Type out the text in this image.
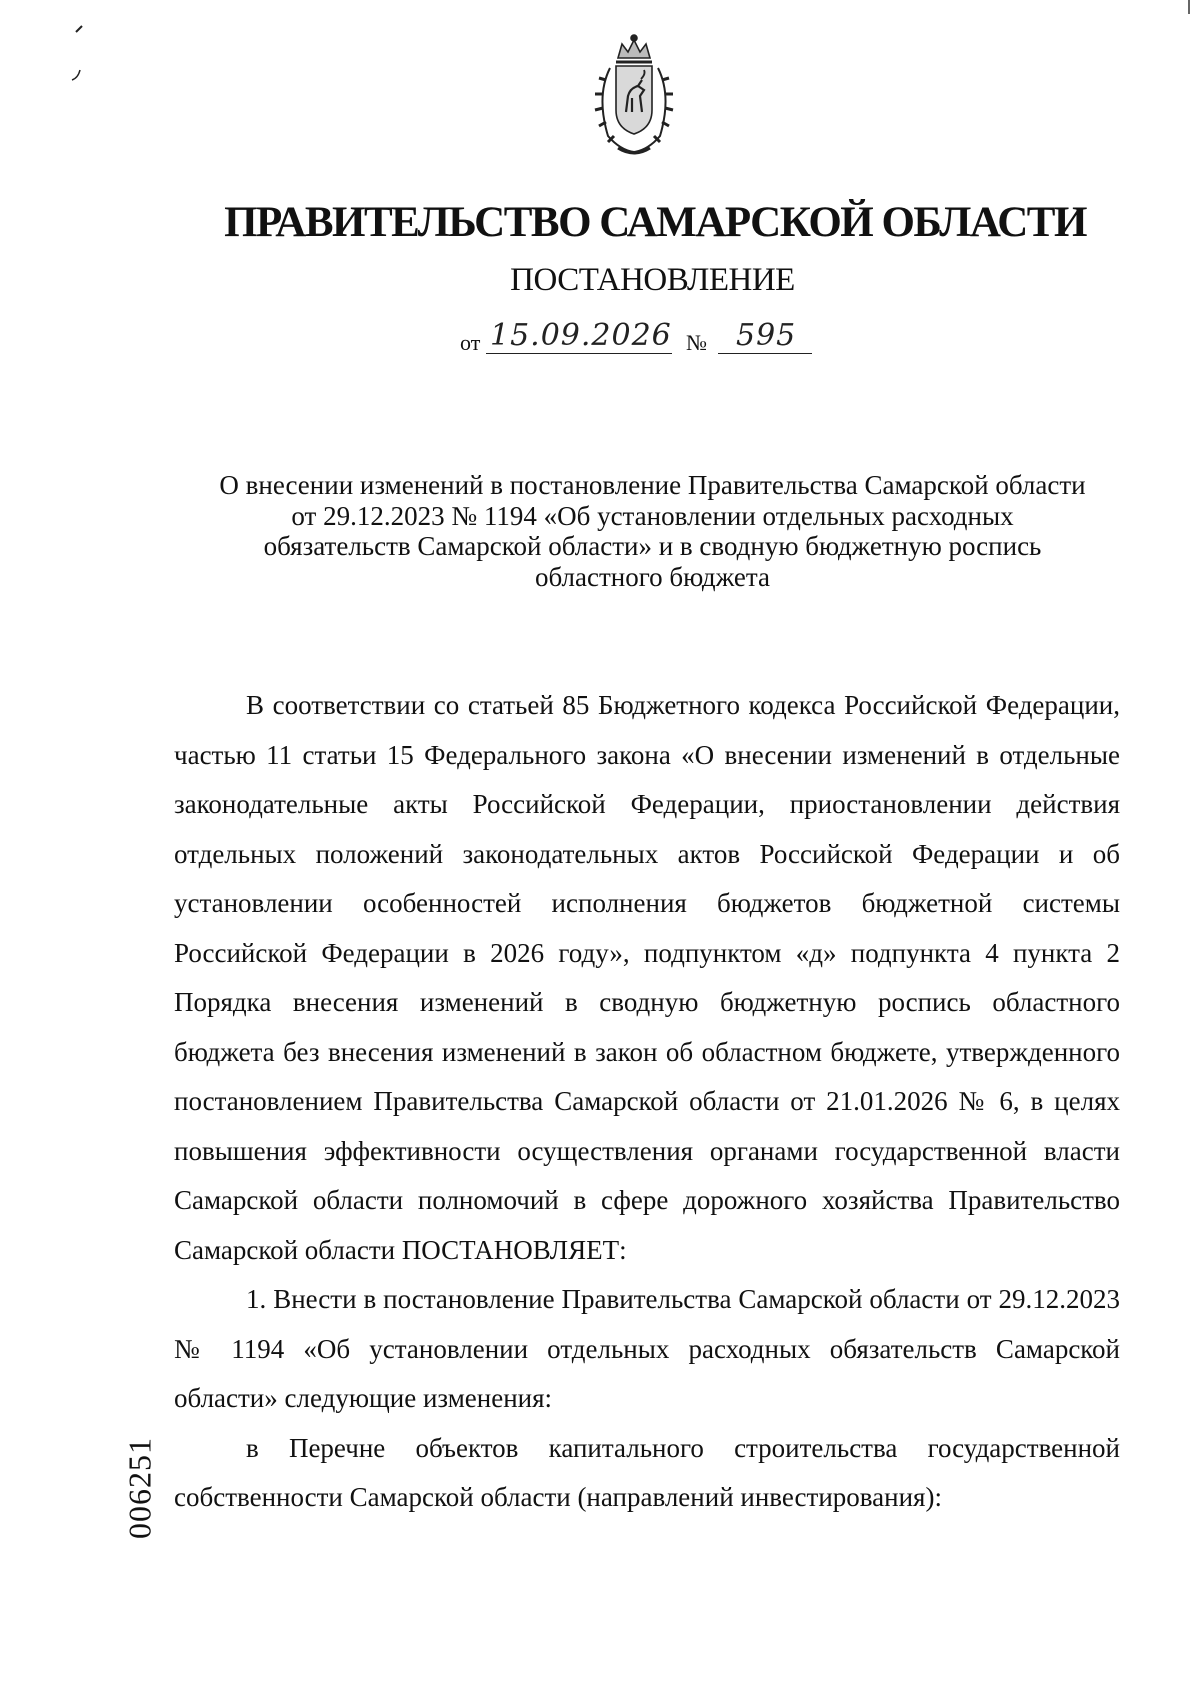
ПРАВИТЕЛЬСТВО САМАРСКОЙ ОБЛАСТИ
ПОСТАНОВЛЕНИЕ
от 15.09.2026 № 595
О внесении изменений в постановление Правительства Самарской области
от 29.12.2023 № 1194 «Об установлении отдельных расходных
обязательств Самарской области» и в сводную бюджетную роспись
областного бюджета

В соответствии со статьей 85 Бюджетного кодекса Российской Федерации, частью 11 статьи 15 Федерального закона «О внесении изменений в отдельные законодательные акты Российской Федерации, приостановлении действия отдельных положений законодательных актов Российской Федерации и об установлении особенностей исполнения бюджетов бюджетной системы Российской Федерации в 2026 году», подпунктом «д» подпункта 4 пункта 2 Порядка внесения изменений в сводную бюджетную роспись областного бюджета без внесения изменений в закон об областном бюджете, утвержденного постановлением Правительства Самарской области от 21.01.2026 № 6, в целях повышения эффективности осуществления органами государственной власти Самарской области полномочий в сфере дорожного хозяйства Правительство Самарской области ПОСТАНОВЛЯЕТ:

1. Внести в постановление Правительства Самарской области от 29.12.2023 № 1194 «Об установлении отдельных расходных обязательств Самарской области» следующие изменения:

в Перечне объектов капитального строительства государственной собственности Самарской области (направлений инвестирования):

006251
